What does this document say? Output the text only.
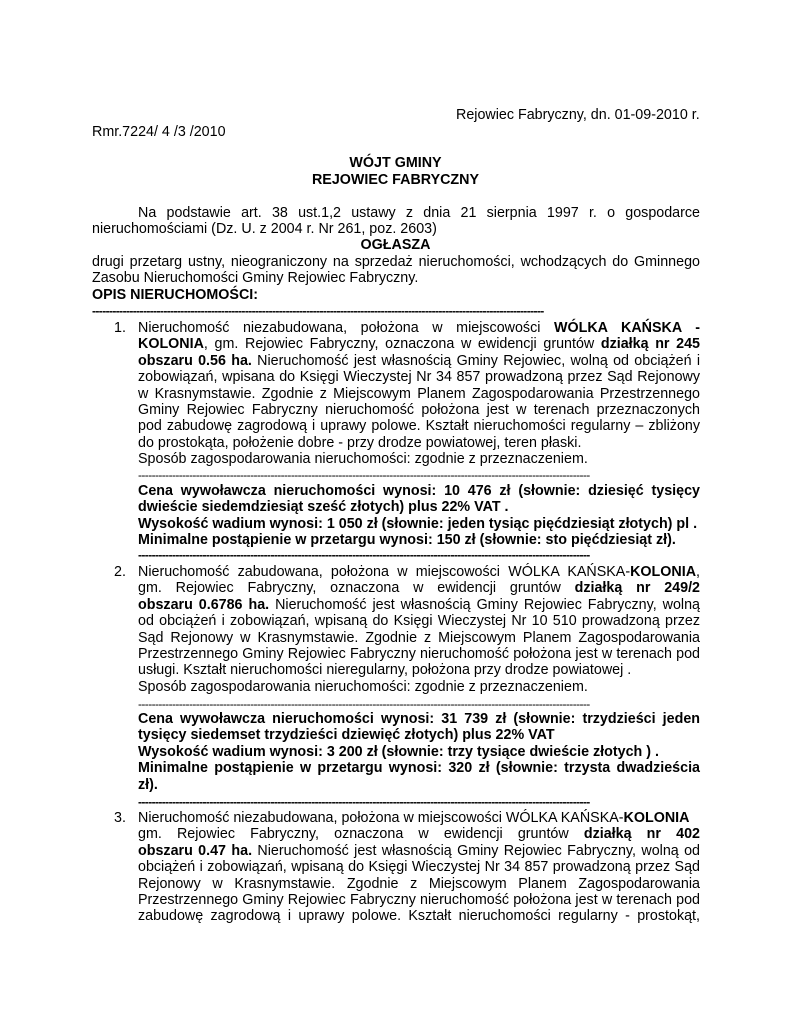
Rejowiec Fabryczny, dn. 01-09-2010 r.
Rmr.7224/ 4 /3 /2010
WÓJT GMINY
REJOWIEC FABRYCZNY
Na podstawie art. 38 ust.1,2 ustawy z dnia 21 sierpnia 1997 r. o gospodarce
nieruchomościami (Dz. U. z 2004 r. Nr 261, poz. 2603)
OGŁASZA
drugi przetarg ustny, nieograniczony na sprzedaż nieruchomości, wchodzących do Gminnego
Zasobu Nieruchomości Gminy Rejowiec Fabryczny.
OPIS NIERUCHOMOŚCI:
-------------------------------------------------------------------------------------------------------------------------------------
1. Nieruchomość niezabudowana, położona w miejscowości WÓLKA KAŃSKA -
KOLONIA, gm. Rejowiec Fabryczny, oznaczona w ewidencji gruntów działką nr 245
obszaru 0.56 ha. Nieruchomość jest własnością Gminy Rejowiec, wolną od obciążeń i
zobowiązań, wpisana do Księgi Wieczystej Nr 34 857 prowadzoną przez Sąd Rejonowy
w Krasnymstawie. Zgodnie z Miejscowym Planem Zagospodarowania Przestrzennego
Gminy Rejowiec Fabryczny nieruchomość położona jest w terenach przeznaczonych
pod zabudowę zagrodową i uprawy polowe. Kształt nieruchomości regularny – zbliżony
do prostokąta, położenie dobre - przy drodze powiatowej, teren płaski.
Sposób zagospodarowania nieruchomości: zgodnie z przeznaczeniem.
-------------------------------------------------------------------------------------------------------------------------------------
Cena wywoławcza nieruchomości wynosi: 10 476 zł (słownie: dziesięć tysięcy
dwieście siedemdziesiąt sześć złotych) plus 22% VAT .
Wysokość wadium wynosi: 1 050 zł (słownie: jeden tysiąc pięćdziesiąt złotych) pl .
Minimalne postąpienie w przetargu wynosi: 150 zł (słownie: sto pięćdziesiąt zł).
-------------------------------------------------------------------------------------------------------------------------------------
2. Nieruchomość zabudowana, położona w miejscowości WÓLKA KAŃSKA-KOLONIA,
gm. Rejowiec Fabryczny, oznaczona w ewidencji gruntów działką nr 249/2
obszaru 0.6786 ha. Nieruchomość jest własnością Gminy Rejowiec Fabryczny, wolną
od obciążeń i zobowiązań, wpisaną do Księgi Wieczystej Nr 10 510 prowadzoną przez
Sąd Rejonowy w Krasnymstawie. Zgodnie z Miejscowym Planem Zagospodarowania
Przestrzennego Gminy Rejowiec Fabryczny nieruchomość położona jest w terenach pod
usługi. Kształt nieruchomości nieregularny, położona przy drodze powiatowej .
Sposób zagospodarowania nieruchomości: zgodnie z przeznaczeniem.
-------------------------------------------------------------------------------------------------------------------------------------
Cena wywoławcza nieruchomości wynosi: 31 739 zł (słownie: trzydzieści jeden
tysięcy siedemset trzydzieści dziewięć złotych) plus 22% VAT
Wysokość wadium wynosi: 3 200 zł (słownie: trzy tysiące dwieście złotych ) .
Minimalne postąpienie w przetargu wynosi: 320 zł (słownie: trzysta dwadzieścia
zł).
-------------------------------------------------------------------------------------------------------------------------------------
3. Nieruchomość niezabudowana, położona w miejscowości WÓLKA KAŃSKA-KOLONIA
gm. Rejowiec Fabryczny, oznaczona w ewidencji gruntów działką nr 402
obszaru 0.47 ha. Nieruchomość jest własnością Gminy Rejowiec Fabryczny, wolną od
obciążeń i zobowiązań, wpisaną do Księgi Wieczystej Nr 34 857 prowadzoną przez Sąd
Rejonowy w Krasnymstawie. Zgodnie z Miejscowym Planem Zagospodarowania
Przestrzennego Gminy Rejowiec Fabryczny nieruchomość położona jest w terenach pod
zabudowę zagrodową i uprawy polowe. Kształt nieruchomości regularny - prostokąt,
